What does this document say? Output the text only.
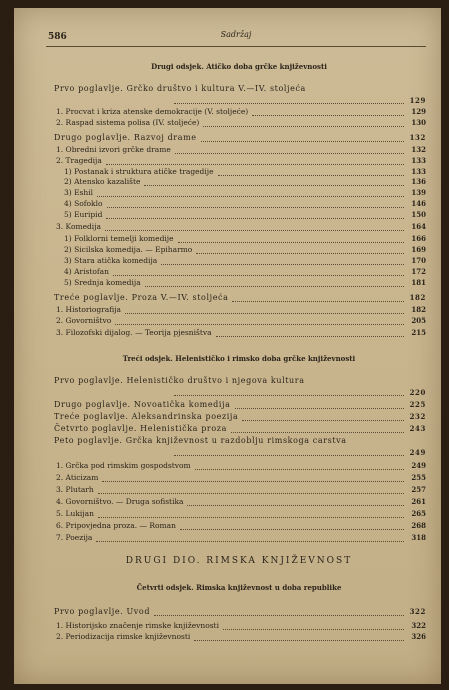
586	Sadržaj
Drugi odsjek. Atičko doba grčke književnosti
Prvo poglavlje. Grčko društvo i kultura V.—IV. stoljeća
129
1. Procvat i kriza atenske demokracije (V. stoljeće)	129
2. Raspad sistema polisa (IV. stoljeće)	130
Drugo poglavlje. Razvoj drame	132
1. Obredni izvori grčke drame	132
2. Tragedija	133
1) Postanak i struktura atičke tragedije	133
2) Atensko kazalište	136
3) Eshil	139
4) Sofoklo	146
5) Euripid	150
3. Komedija	164
1) Folklorni temelji komedije	166
2) Sicilska komedija. — Epiharmo	169
3) Stara atička komedija	170
4) Aristofan	172
5) Srednja komedija	181
Treće poglavlje. Proza V.—IV. stoljeća	182
1. Historiografija	182
2. Govorništvo	205
3. Filozofski dijalog. — Teorija pjesništva	215
Treći odsjek. Helenističko i rimsko doba grčke književnosti
Prvo poglavlje. Helenističko društvo i njegova kultura
220
Drugo poglavlje. Novoatička komedija	225
Treće poglavlje. Aleksandrinska poezija	232
Četvrto poglavlje. Helenistička proza	243
Peto poglavlje. Grčka književnost u razdoblju rimskoga carstva
249
1. Grčka pod rimskim gospodstvom	249
2. Aticizam	255
3. Plutarh	257
4. Govorništvo. — Druga sofistika	261
5. Lukijan	265
6. Pripovjedna proza. — Roman	268
7. Poezija	318
DRUGI DIO. RIMSKA KNJIŽEVNOST
Četvrti odsjek. Rimska književnost u doba republike
Prvo poglavlje. Uvod	322
1. Historijsko značenje rimske književnosti	322
2. Periodizacija rimske književnosti	326
